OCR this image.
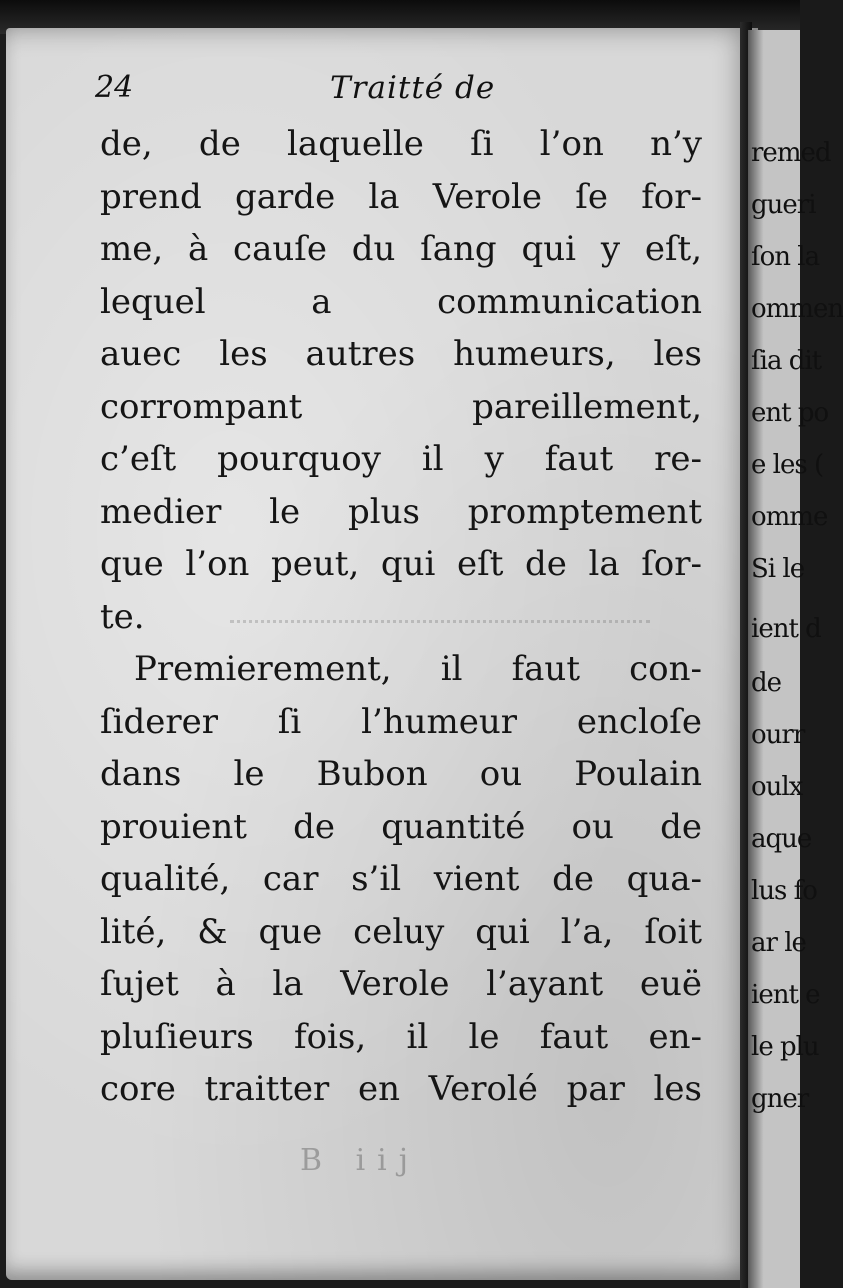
24	Traitté de
de, de laquelle ſi l’on n’y
prend garde la Verole ſe for-
me, à cauſe du ſang qui y eſt,
lequel a communication
auec les autres humeurs, les
corrompant pareillement,
c’eſt pourquoy il y faut re-
medier le plus promptement
que l’on peut, qui eſt de la ſor-
te.
Premierement, il faut con-
ſiderer ſi l’humeur encloſe
dans le Bubon ou Poulain
prouient de quantité ou de
qualité, car s’il vient de qua-
lité, & que celuy qui l’a, ſoit
ſujet à la Verole l’ayant euë
pluſieurs fois, il le faut en-
core traitter en Verolé par les
B iij
remed
gueri
ſon la
ommen
ſia dit
ent po
e les (
omme
Si le
ient d
de
ourr
oulx
aque
lus fo
ar le
ient e
le plu
gner
